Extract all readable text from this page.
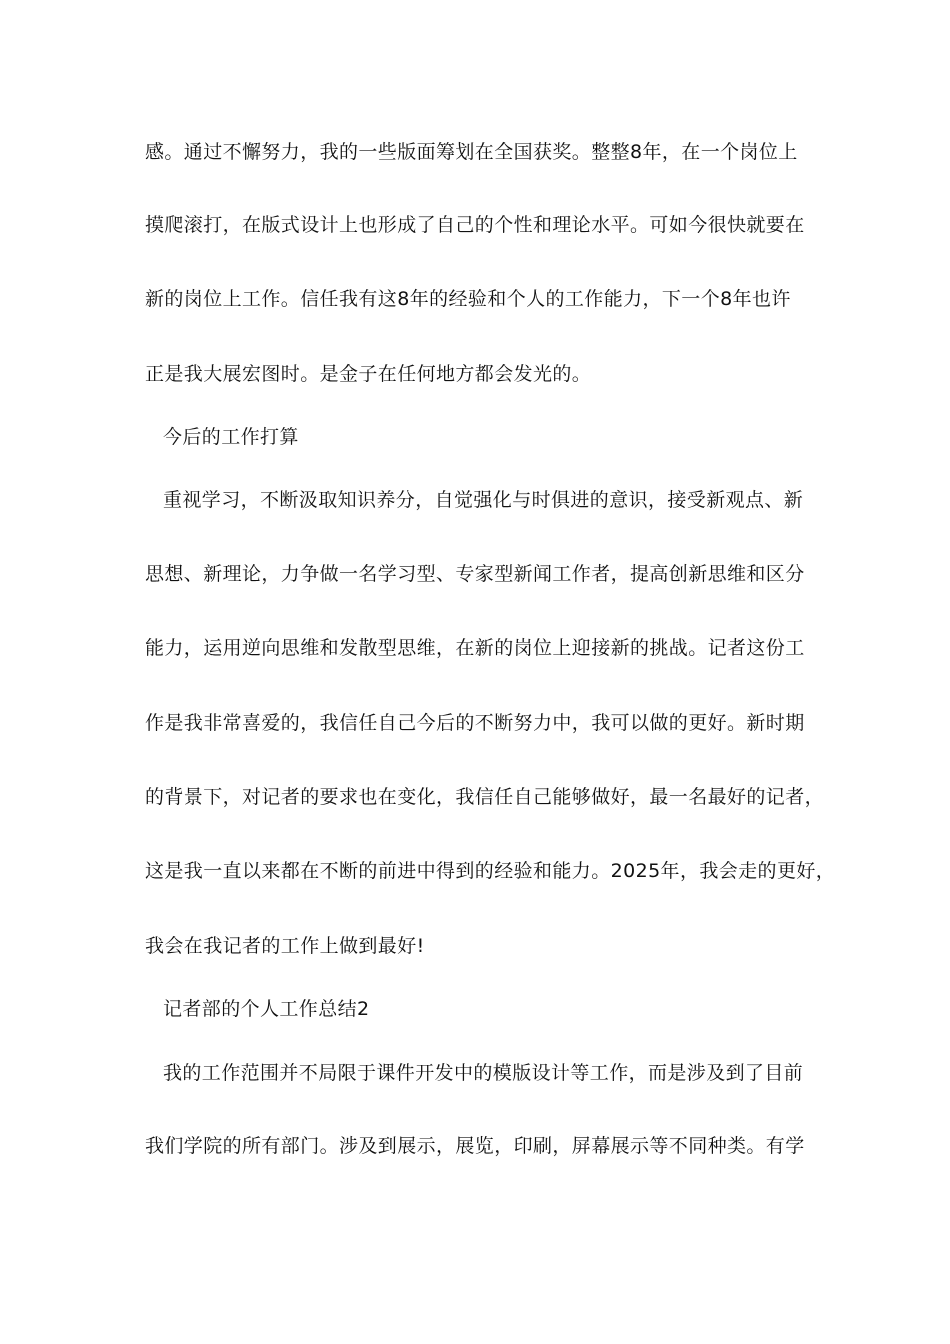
感。通过不懈努力，我的一些版面筹划在全国获奖。整整8年，在一个岗位上
摸爬滚打，在版式设计上也形成了自己的个性和理论水平。可如今很快就要在
新的岗位上工作。信任我有这8年的经验和个人的工作能力，下一个8年也许
正是我大展宏图时。是金子在任何地方都会发光的。
今后的工作打算
重视学习，不断汲取知识养分，自觉强化与时俱进的意识，接受新观点、新
思想、新理论，力争做一名学习型、专家型新闻工作者，提高创新思维和区分
能力，运用逆向思维和发散型思维，在新的岗位上迎接新的挑战。记者这份工
作是我非常喜爱的，我信任自己今后的不断努力中，我可以做的更好。新时期
的背景下，对记者的要求也在变化，我信任自己能够做好，最一名最好的记者，
这是我一直以来都在不断的前进中得到的经验和能力。2025年，我会走的更好，
我会在我记者的工作上做到最好!
记者部的个人工作总结2
我的工作范围并不局限于课件开发中的模版设计等工作，而是涉及到了目前
我们学院的所有部门。涉及到展示，展览，印刷，屏幕展示等不同种类。有学
